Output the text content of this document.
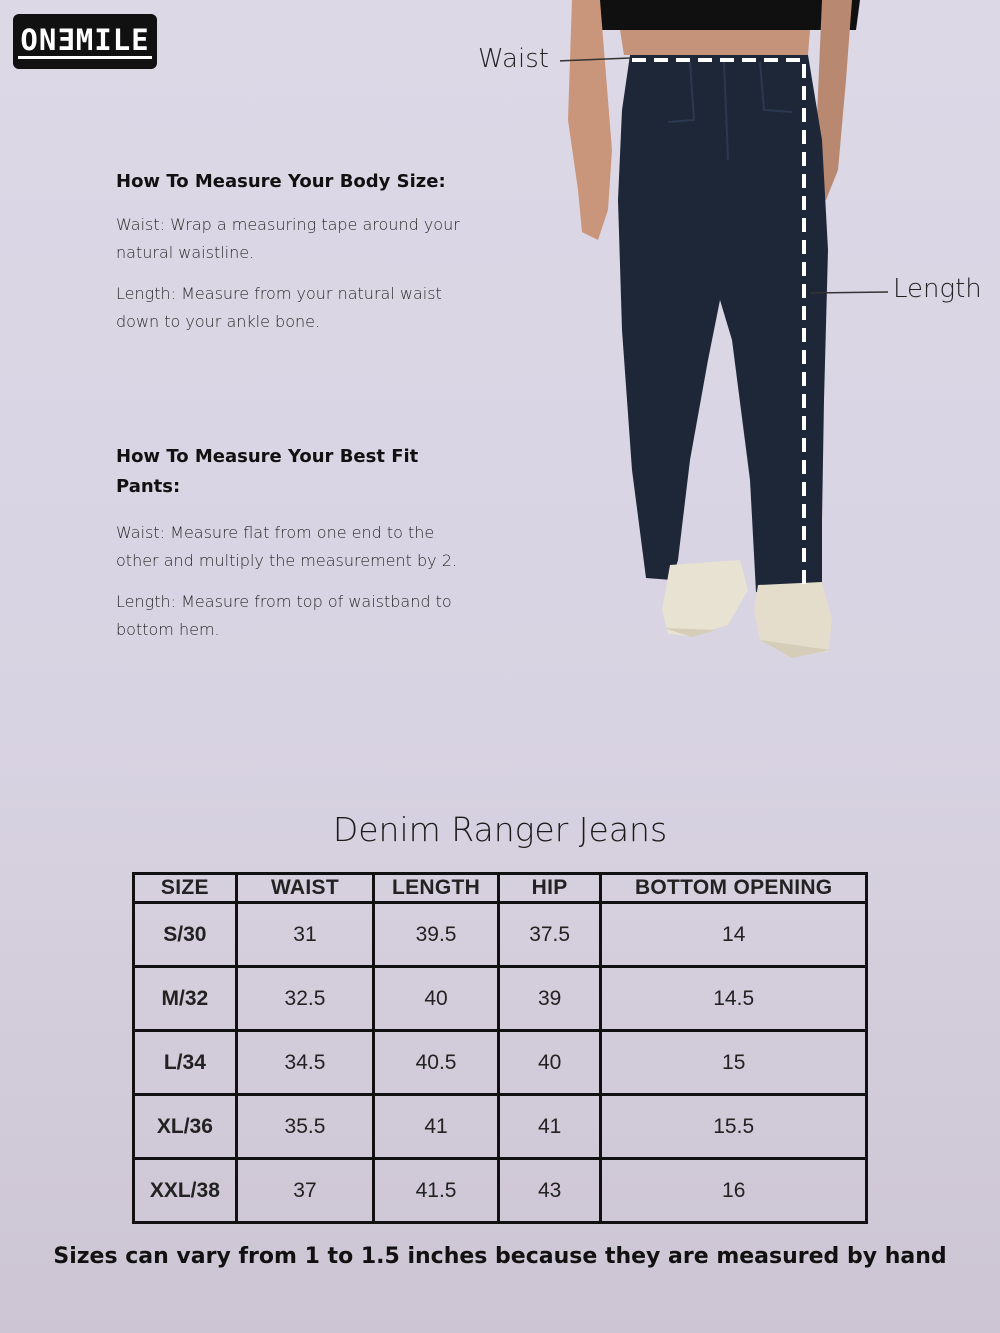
ONƎMILE
How To Measure Your Body Size:

Waist: Wrap a measuring tape around your natural waistline.

Length: Measure from your natural waist down to your ankle bone.

How To Measure Your Best Fit Pants:

Waist: Measure flat from one end to the other and multiply the measurement by 2.

Length: Measure from top of waistband to bottom hem.

Waist
Length
Denim Ranger Jeans
SIZE	WAIST	LENGTH	HIP	BOTTOM OPENING
S/30	31	39.5	37.5	14
M/32	32.5	40	39	14.5
L/34	34.5	40.5	40	15
XL/36	35.5	41	41	15.5
XXL/38	37	41.5	43	16
Sizes can vary from 1 to 1.5 inches because they are measured by hand
